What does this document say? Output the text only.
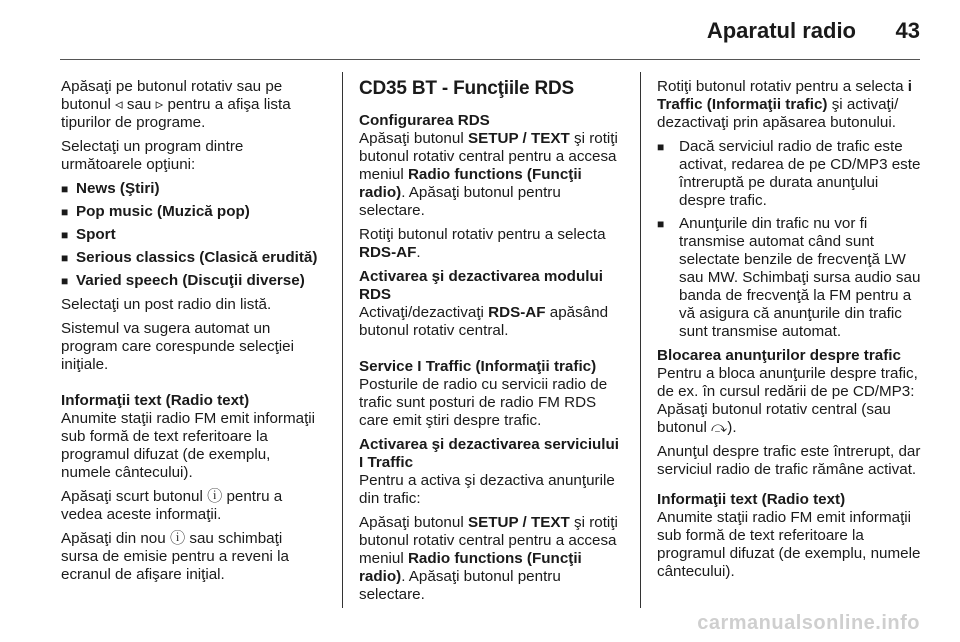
Aparatul radio 43

Apăsaţi pe butonul rotativ sau pe butonul ◃ sau ▹ pentru a afişa lista tipurilor de programe.

Selectaţi un program dintre următoarele opţiuni:

■ News (Ştiri)
■ Pop music (Muzică pop)
■ Sport
■ Serious classics (Clasică erudită)
■ Varied speech (Discuţii diverse)

Selectaţi un post radio din listă.

Sistemul va sugera automat un program care corespunde selecţiei iniţiale.

Informaţii text (Radio text)

Anumite staţii radio FM emit informaţii sub formă de text referitoare la programul difuzat (de exemplu, numele cântecului).

Apăsaţi scurt butonul ⓘ pentru a vedea aceste informaţii.

Apăsaţi din nou ⓘ sau schimbaţi sursa de emisie pentru a reveni la ecranul de afişare iniţial.

CD35 BT - Funcţiile RDS

Configurarea RDS

Apăsaţi butonul SETUP / TEXT şi rotiţi butonul rotativ central pentru a accesa meniul Radio functions (Funcţii radio). Apăsaţi butonul pentru selectare.

Rotiţi butonul rotativ pentru a selecta RDS-AF.

Activarea şi dezactivarea modului RDS

Activaţi/dezactivaţi RDS-AF apăsând butonul rotativ central.

Service I Traffic (Informaţii trafic)

Posturile de radio cu servicii radio de trafic sunt posturi de radio FM RDS care emit ştiri despre trafic.

Activarea şi dezactivarea serviciului I Traffic

Pentru a activa şi dezactiva anunţurile din trafic:

Apăsaţi butonul SETUP / TEXT şi rotiţi butonul rotativ central pentru a accesa meniul Radio functions (Funcţii radio). Apăsaţi butonul pentru selectare.

Rotiţi butonul rotativ pentru a selecta i Traffic (Informaţii trafic) şi activaţi/ dezactivaţi prin apăsarea butonului.

■ Dacă serviciul radio de trafic este activat, redarea de pe CD/MP3 este întreruptă pe durata anunţului despre trafic.
■ Anunţurile din trafic nu vor fi transmise automat când sunt selectate benzile de frecvenţă LW sau MW. Schimbaţi sursa audio sau banda de frecvenţă la FM pentru a vă asigura că anunţurile din trafic sunt transmise automat.

Blocarea anunţurilor despre trafic

Pentru a bloca anunţurile despre trafic, de ex. în cursul redării de pe CD/MP3: Apăsaţi butonul rotativ central (sau butonul ⤼).

Anunţul despre trafic este întrerupt, dar serviciul radio de trafic rămâne activat.

Informaţii text (Radio text)

Anumite staţii radio FM emit informaţii sub formă de text referitoare la programul difuzat (de exemplu, numele cântecului).

carmanualsonline.info
